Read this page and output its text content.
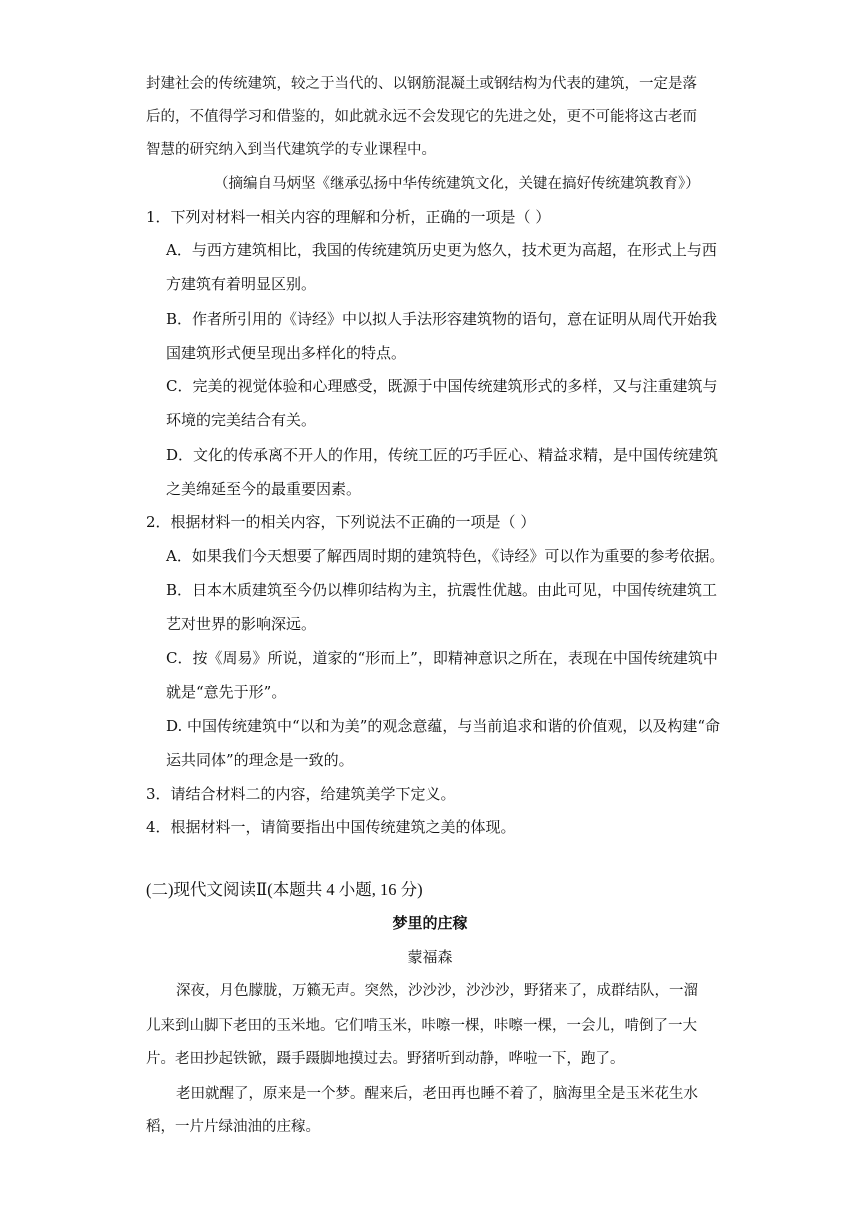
封建社会的传统建筑，较之于当代的、以钢筋混凝土或钢结构为代表的建筑，一定是落
后的，不值得学习和借鉴的，如此就永远不会发现它的先进之处，更不可能将这古老而
智慧的研究纳入到当代建筑学的专业课程中。
（摘编自马炳坚《继承弘扬中华传统建筑文化，关键在搞好传统建筑教育》）
1．下列对材料一相关内容的理解和分析，正确的一项是（ ）
A．与西方建筑相比，我国的传统建筑历史更为悠久，技术更为高超，在形式上与西
方建筑有着明显区别。
B．作者所引用的《诗经》中以拟人手法形容建筑物的语句，意在证明从周代开始我
国建筑形式便呈现出多样化的特点。
C．完美的视觉体验和心理感受，既源于中国传统建筑形式的多样，又与注重建筑与
环境的完美结合有关。
D．文化的传承离不开人的作用，传统工匠的巧手匠心、精益求精，是中国传统建筑
之美绵延至今的最重要因素。
2．根据材料一的相关内容，下列说法不正确的一项是（ ）
A．如果我们今天想要了解西周时期的建筑特色，《诗经》可以作为重要的参考依据。
B．日本木质建筑至今仍以榫卯结构为主，抗震性优越。由此可见，中国传统建筑工
艺对世界的影响深远。
C．按《周易》所说，道家的“形而上”，即精神意识之所在，表现在中国传统建筑中
就是“意先于形”。
D. 中国传统建筑中“以和为美”的观念意蕴，与当前追求和谐的价值观，以及构建“命
运共同体”的理念是一致的。
3．请结合材料二的内容，给建筑美学下定义。
4．根据材料一，请简要指出中国传统建筑之美的体现。
(二)现代文阅读Ⅱ(本题共 4 小题, 16 分)
梦里的庄稼
蒙福森
深夜，月色朦胧，万籁无声。突然，沙沙沙，沙沙沙，野猪来了，成群结队，一溜
儿来到山脚下老田的玉米地。它们啃玉米，咔嚓一棵，咔嚓一棵，一会儿，啃倒了一大
片。老田抄起铁锨，蹑手蹑脚地摸过去。野猪听到动静，哗啦一下，跑了。
老田就醒了，原来是一个梦。醒来后，老田再也睡不着了，脑海里全是玉米花生水
稻，一片片绿油油的庄稼。
